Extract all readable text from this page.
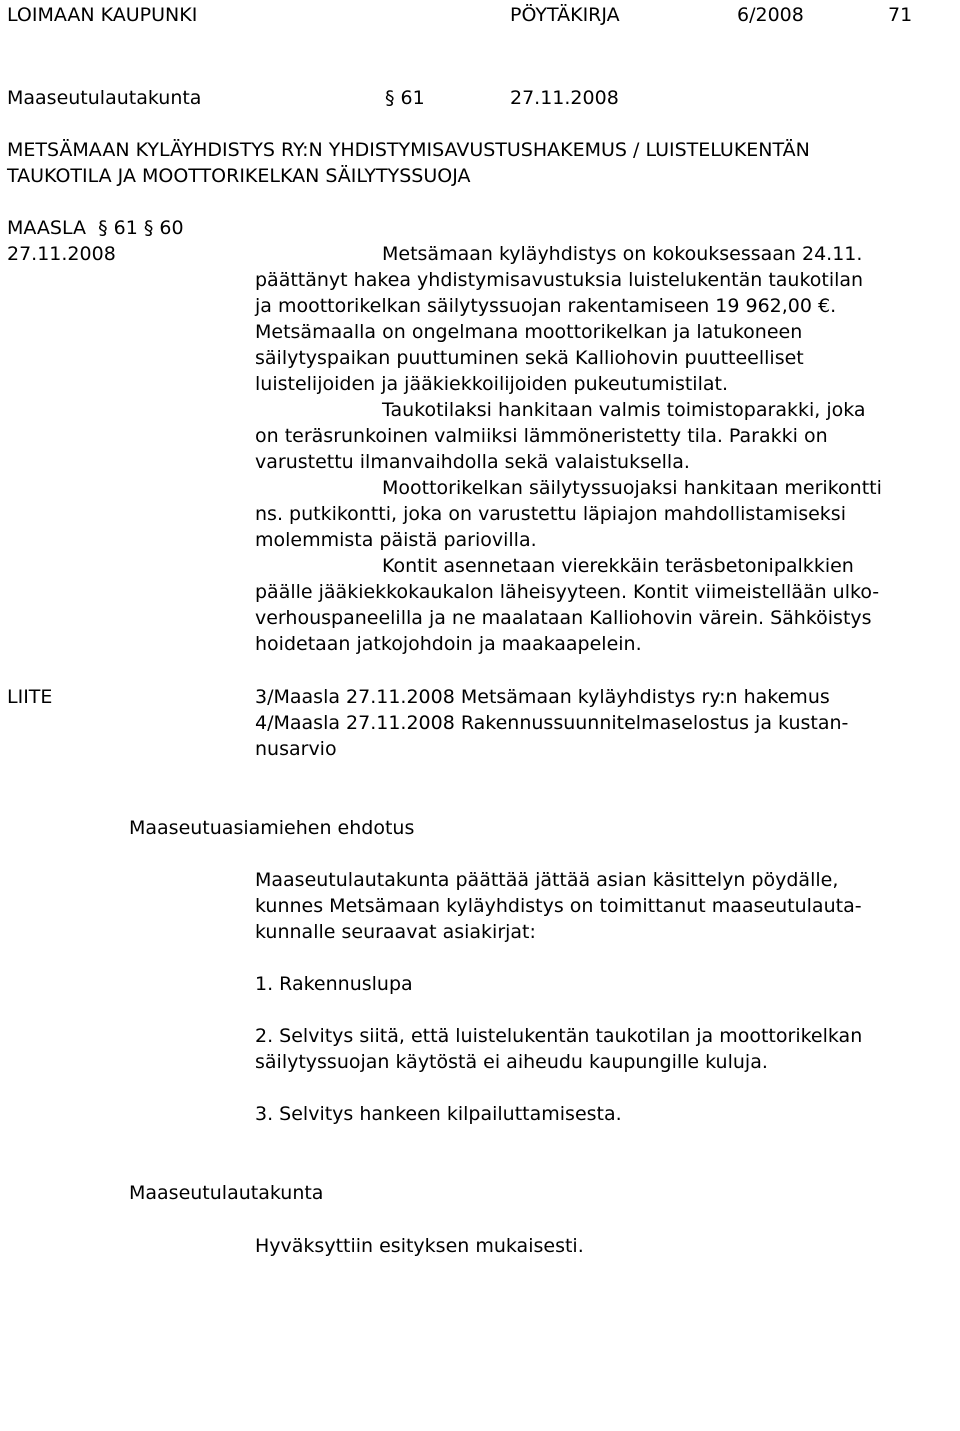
LOIMAAN KAUPUNKI	PÖYTÄKIRJA	6/2008	71
Maaseutulautakunta	§ 61	27.11.2008
METSÄMAAN KYLÄYHDISTYS RY:N YHDISTYMISAVUSTUSHAKEMUS / LUISTELUKENTÄN
TAUKOTILA JA MOOTTORIKELKAN SÄILYTYSSUOJA
MAASLA  § 61 § 60
27.11.2008	Metsämaan kyläyhdistys on kokouksessaan 24.11.
päättänyt hakea yhdistymisavustuksia luistelukentän taukotilan
ja moottorikelkan säilytyssuojan rakentamiseen 19 962,00 €.
Metsämaalla on ongelmana moottorikelkan ja latukoneen
säilytyspaikan puuttuminen sekä Kalliohovin puutteelliset
luistelijoiden ja jääkiekkoilijoiden pukeutumistilat.
Taukotilaksi hankitaan valmis toimistoparakki, joka
on teräsrunkoinen valmiiksi lämmöneristetty tila. Parakki on
varustettu ilmanvaihdolla sekä valaistuksella.
Moottorikelkan säilytyssuojaksi hankitaan merikontti
ns. putkikontti, joka on varustettu läpiajon mahdollistamiseksi
molemmista päistä pariovilla.
Kontit asennetaan vierekkäin teräsbetonipalkkien
päälle jääkiekkokaukalon läheisyyteen. Kontit viimeistellään ulko-
verhouspaneelilla ja ne maalataan Kalliohovin värein. Sähköistys
hoidetaan jatkojohdoin ja maakaapelein.
LIITE	3/Maasla 27.11.2008 Metsämaan kyläyhdistys ry:n hakemus
4/Maasla 27.11.2008 Rakennussuunnitelmaselostus ja kustan-
nusarvio
Maaseutuasiamiehen ehdotus
Maaseutulautakunta päättää jättää asian käsittelyn pöydälle,
kunnes Metsämaan kyläyhdistys on toimittanut maaseutulauta-
kunnalle seuraavat asiakirjat:
1. Rakennuslupa
2. Selvitys siitä, että luistelukentän taukotilan ja moottorikelkan
säilytyssuojan käytöstä ei aiheudu kaupungille kuluja.
3. Selvitys hankeen kilpailuttamisesta.
Maaseutulautakunta
Hyväksyttiin esityksen mukaisesti.
